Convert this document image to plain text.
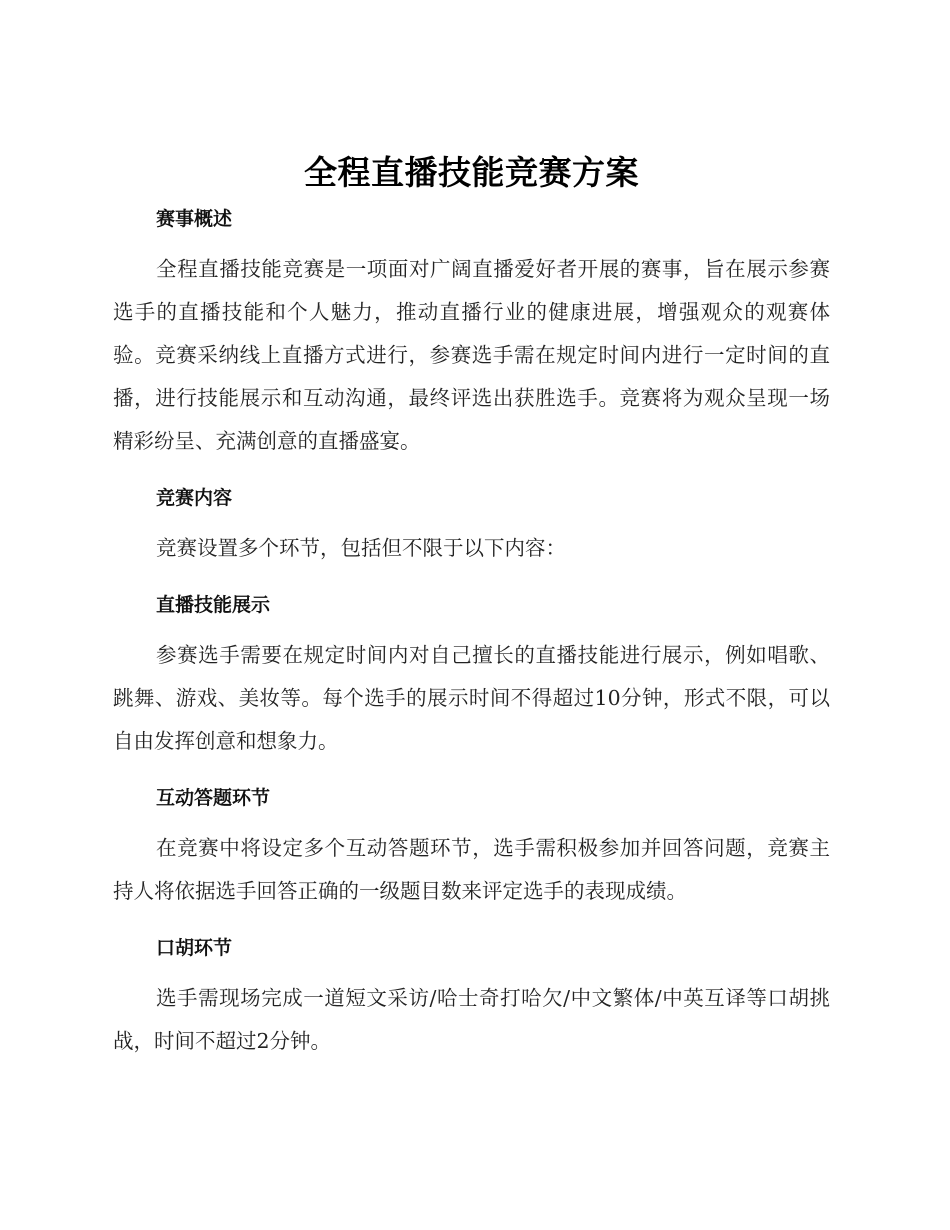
全程直播技能竞赛方案
赛事概述

全程直播技能竞赛是一项面对广阔直播爱好者开展的赛事，旨在展示参赛选手的直播技能和个人魅力，推动直播行业的健康进展，增强观众的观赛体验。竞赛采纳线上直播方式进行，参赛选手需在规定时间内进行一定时间的直播，进行技能展示和互动沟通，最终评选出获胜选手。竞赛将为观众呈现一场精彩纷呈、充满创意的直播盛宴。

竞赛内容

竞赛设置多个环节，包括但不限于以下内容：

直播技能展示

参赛选手需要在规定时间内对自己擅长的直播技能进行展示，例如唱歌、跳舞、游戏、美妆等。每个选手的展示时间不得超过10分钟，形式不限，可以自由发挥创意和想象力。

互动答题环节

在竞赛中将设定多个互动答题环节，选手需积极参加并回答问题，竞赛主持人将依据选手回答正确的一级题目数来评定选手的表现成绩。

口胡环节

选手需现场完成一道短文采访/哈士奇打哈欠/中文繁体/中英互译等口胡挑战，时间不超过2分钟。
